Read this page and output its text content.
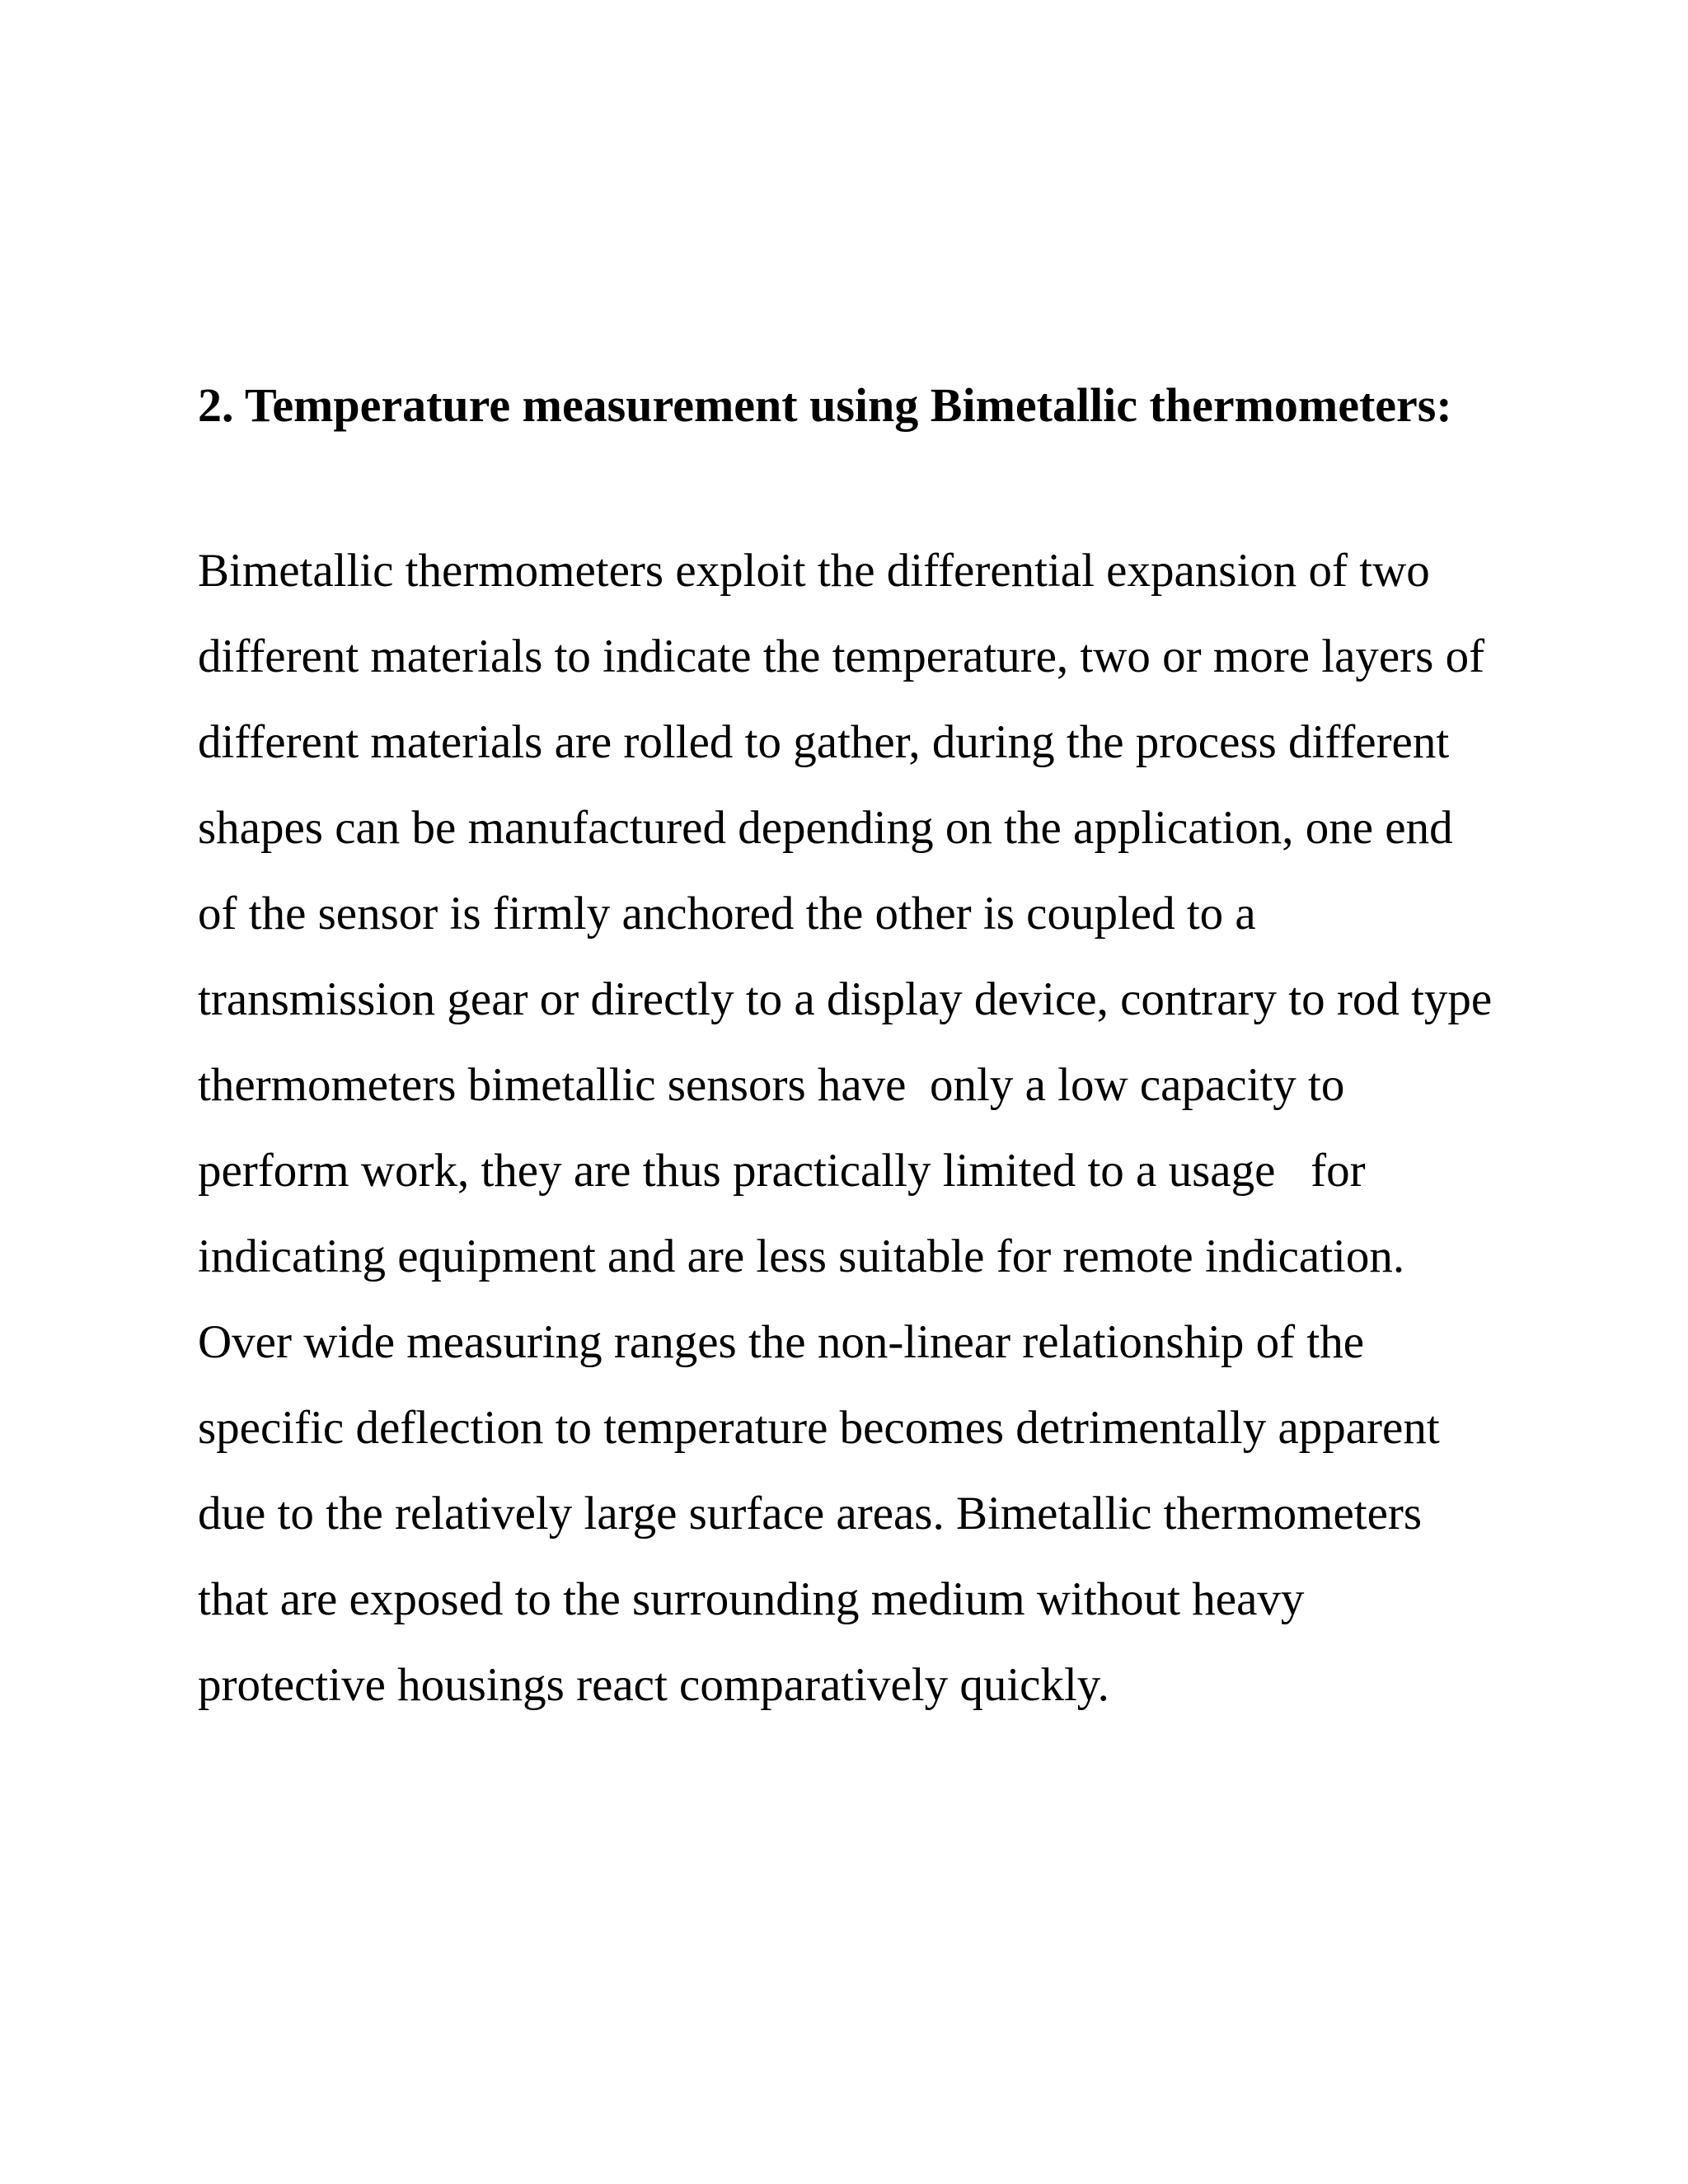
2. Temperature measurement using Bimetallic thermometers:
Bimetallic thermometers exploit the differential expansion of two
different materials to indicate the temperature, two or more layers of
different materials are rolled to gather, during the process different
shapes can be manufactured depending on the application, one end
of the sensor is firmly anchored the other is coupled to a
transmission gear or directly to a display device, contrary to rod type
thermometers bimetallic sensors have  only a low capacity to
perform work, they are thus practically limited to a usage   for
indicating equipment and are less suitable for remote indication.
Over wide measuring ranges the non-linear relationship of the
specific deflection to temperature becomes detrimentally apparent
due to the relatively large surface areas. Bimetallic thermometers
that are exposed to the surrounding medium without heavy
protective housings react comparatively quickly.
